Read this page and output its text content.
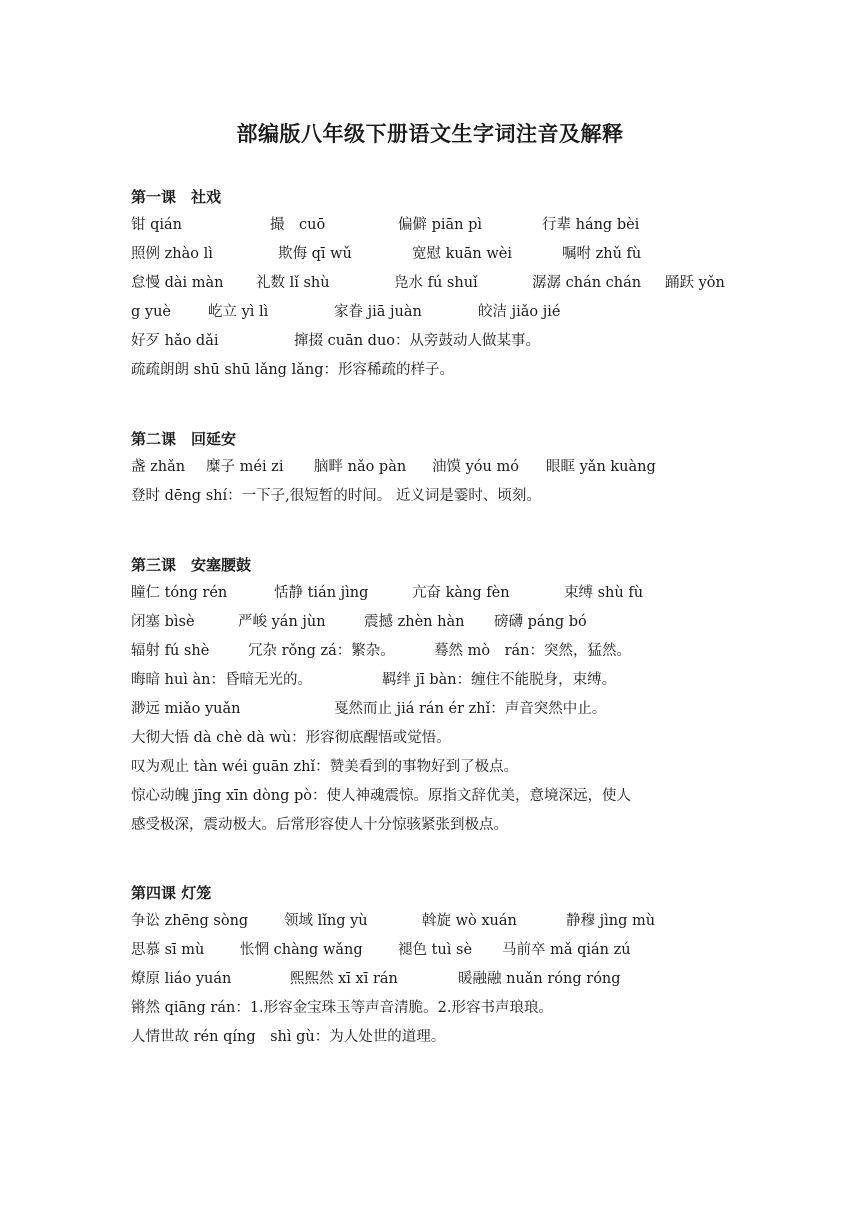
部编版八年级下册语文生字词注音及解释
第一课　社戏
钳 qián	撮　cuō	偏僻 piān pì	行辈 háng bèi
照例 zhào lì	欺侮 qī wǔ	宽慰 kuān wèi	嘱咐 zhǔ fù
怠慢 dài màn 礼数 lǐ shù	凫水 fú shuǐ	潺潺 chán chán 踊跃 yǒn
g yuè	屹立 yì lì	家眷 jiā juàn	皎洁 jiǎo jié
好歹 hǎo dǎi	撺掇 cuān duo：从旁鼓动人做某事。
疏疏朗朗 shū shū lǎng lǎng：形容稀疏的样子。
第二课　回延安
盏 zhǎn 糜子 méi zi 脑畔 nǎo pàn 油馍 yóu mó 眼眶 yǎn kuàng
登时 dēng shí：一下子,很短暂的时间。 近义词是霎时、顷刻。
第三课　安塞腰鼓
瞳仁 tóng rén	恬静 tián jìng	亢奋 kàng fèn	束缚 shù fù
闭塞 bìsè	严峻 yán jùn	震撼 zhèn hàn 磅礴 páng bó
辐射 fú shè	冗杂 rǒng zá：繁杂。	蓦然 mò　rán：突然，猛然。
晦暗 huì àn：昏暗无光的。	羁绊 jī bàn：缠住不能脱身，束缚。
渺远 miǎo yuǎn	戛然而止 jiá rán ér zhǐ：声音突然中止。
大彻大悟 dà chè dà wù：形容彻底醒悟或觉悟。
叹为观止 tàn wéi guān zhǐ：赞美看到的事物好到了极点。
惊心动魄 jīng xīn dòng pò：使人神魂震惊。原指文辞优美，意境深远，使人
感受极深，震动极大。后常形容使人十分惊骇紧张到极点。
第四课 灯笼
争讼 zhēng sòng 领域 lǐng yù	斡旋 wò xuán	静穆 jìng mù
思慕 sī mù 怅惘 chàng wǎng 褪色 tuì sè 马前卒 mǎ qián zú
燎原 liáo yuán	熙熙然 xī xī rán	暖融融 nuǎn róng róng
锵然 qiāng rán：1.形容金宝珠玉等声音清脆。2.形容书声琅琅。
人情世故 rén qíng　shì gù：为人处世的道理。
